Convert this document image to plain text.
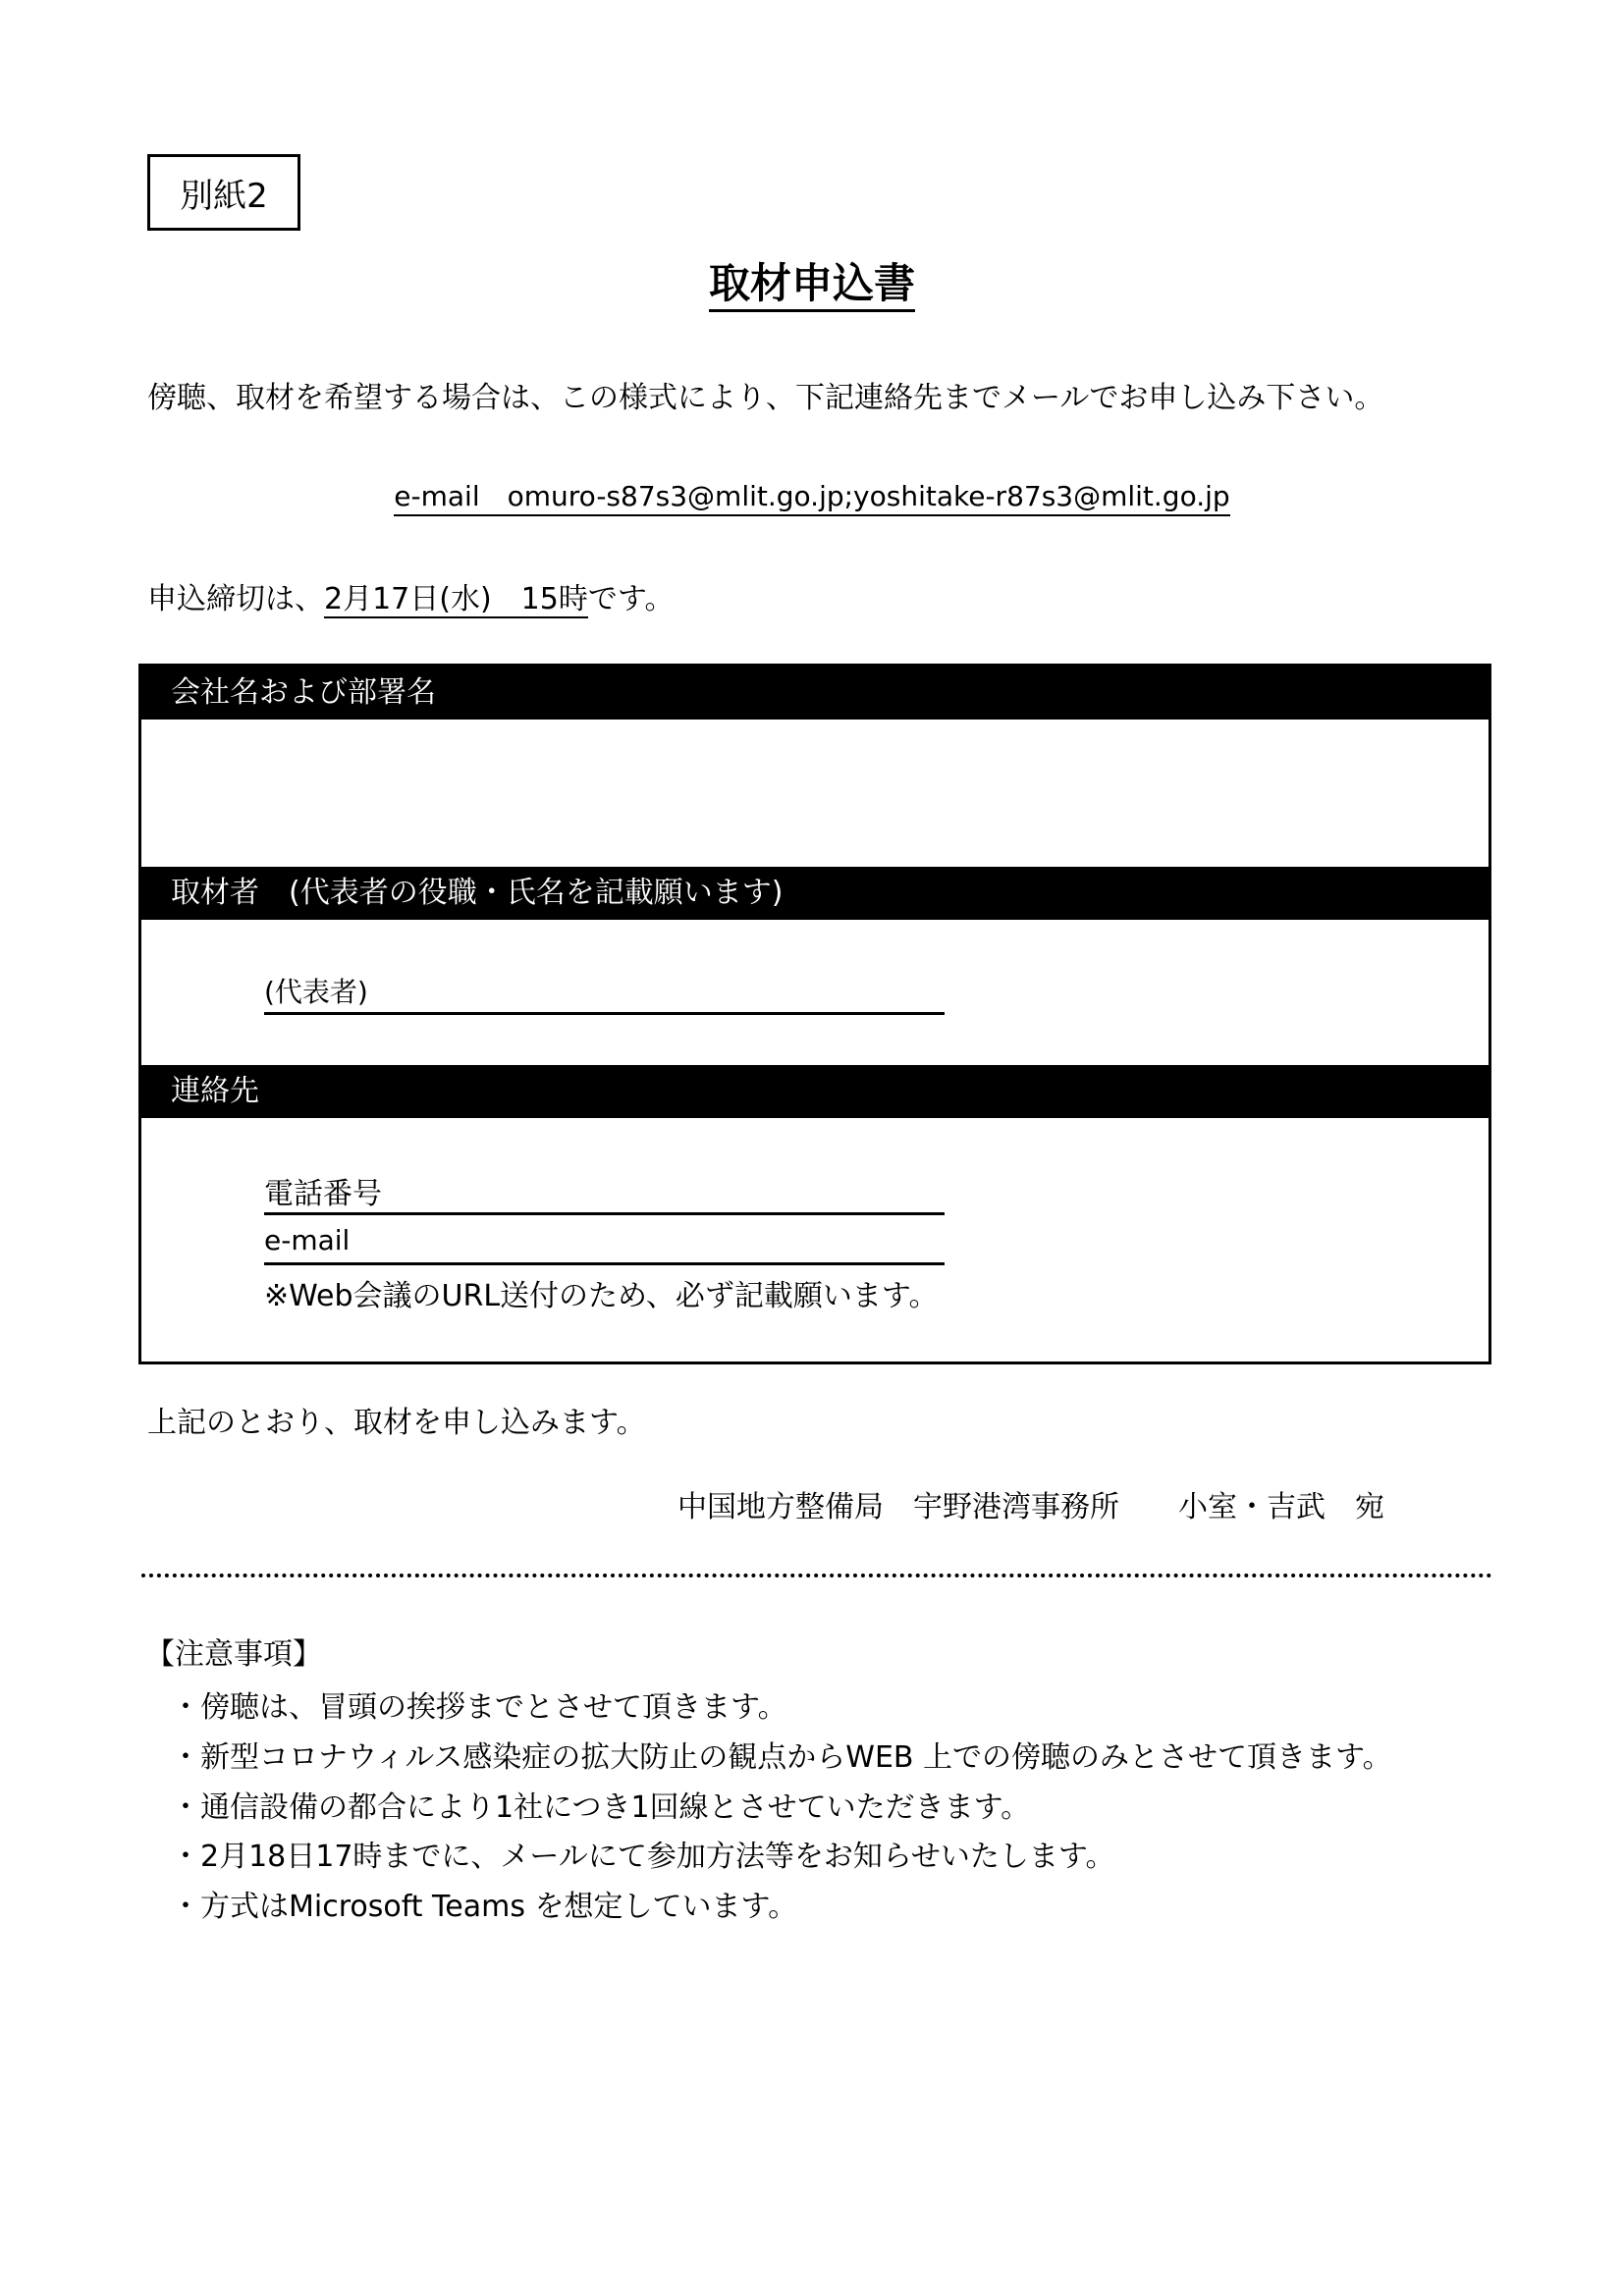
別紙2
取材申込書
傍聴、取材を希望する場合は、この様式により、下記連絡先までメールでお申し込み下さい。
e-mail　omuro-s87s3@mlit.go.jp;yoshitake-r87s3@mlit.go.jp
申込締切は、2月17日(水)　15時です。
会社名および部署名
取材者　(代表者の役職・氏名を記載願います)
(代表者)
連絡先
電話番号
e-mail
※Web会議のURL送付のため、必ず記載願います。
上記のとおり、取材を申し込みます。
中国地方整備局　宇野港湾事務所　　小室・吉武　宛
【注意事項】
・傍聴は、冒頭の挨拶までとさせて頂きます。
・新型コロナウィルス感染症の拡大防止の観点からWEB 上での傍聴のみとさせて頂きます。
・通信設備の都合により1社につき1回線とさせていただきます。
・2月18日17時までに、メールにて参加方法等をお知らせいたします。
・方式はMicrosoft Teams を想定しています。
